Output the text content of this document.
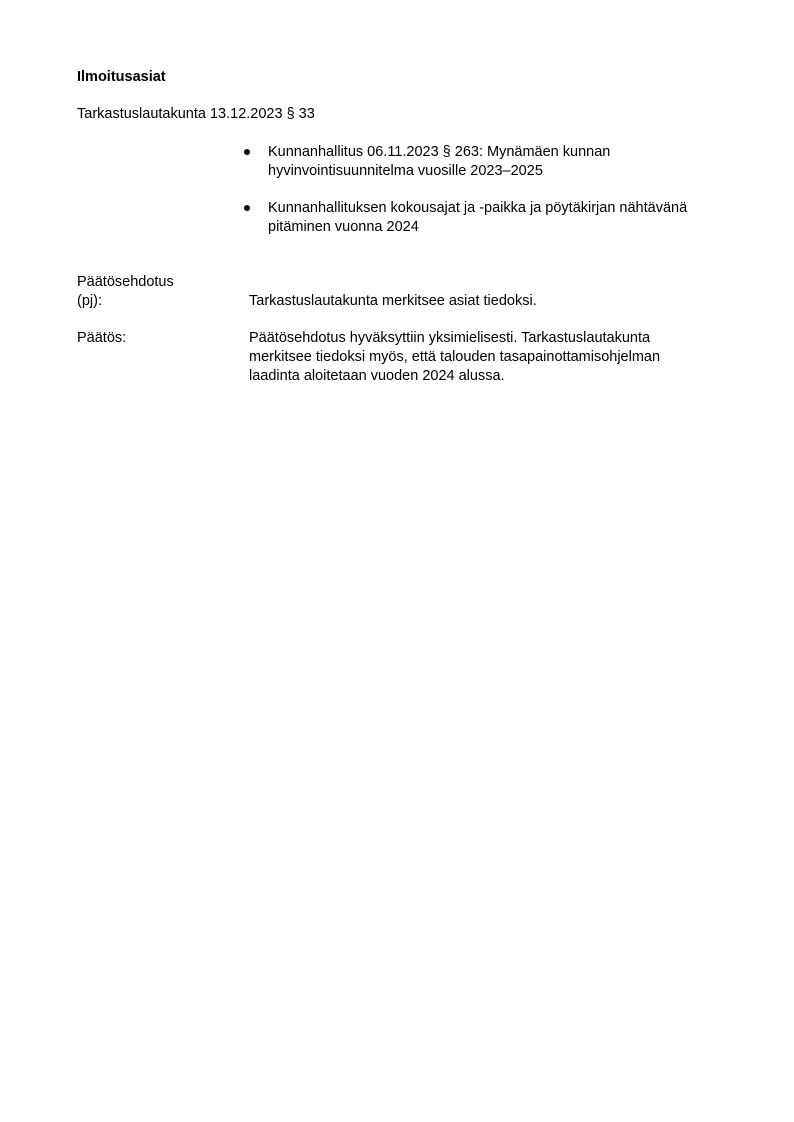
Ilmoitusasiat

Tarkastuslautakunta 13.12.2023 § 33

Kunnanhallitus 06.11.2023 § 263: Mynämäen kunnan
hyvinvointisuunnitelma vuosille 2023–2025
Kunnanhallituksen kokousajat ja -paikka ja pöytäkirjan nähtävänä
pitäminen vuonna 2024
Päätösehdotus
(pj):	Tarkastuslautakunta merkitsee asiat tiedoksi.
Päätös:	Päätösehdotus hyväksyttiin yksimielisesti. Tarkastuslautakunta
merkitsee tiedoksi myös, että talouden tasapainottamisohjelman
laadinta aloitetaan vuoden 2024 alussa.
